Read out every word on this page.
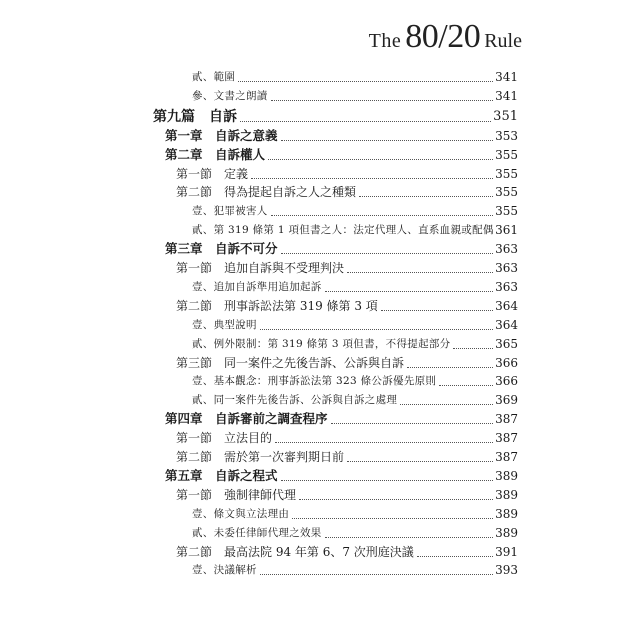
The 80/20 Rule
貳、範圍	341
參、文書之朗讀	341
第九篇　自訴	351
第一章　自訴之意義	353
第二章　自訴權人	355
第一節　定義	355
第二節　得為提起自訴之人之種類	355
壹、犯罪被害人	355
貳、第 319 條第 1 項但書之人：法定代理人、直系血親或配偶 361
第三章　自訴不可分	363
第一節　追加自訴與不受理判決	363
壹、追加自訴準用追加起訴	363
第二節　刑事訴訟法第 319 條第 3 項	364
壹、典型說明	364
貳、例外限制：第 319 條第 3 項但書，不得提起部分	365
第三節　同一案件之先後告訴、公訴與自訴	366
壹、基本觀念：刑事訴訟法第 323 條公訴優先原則	366
貳、同一案件先後告訴、公訴與自訴之處理	369
第四章　自訴審前之調查程序	387
第一節　立法目的	387
第二節　需於第一次審判期日前	387
第五章　自訴之程式	389
第一節　強制律師代理	389
壹、條文與立法理由	389
貳、未委任律師代理之效果	389
第二節　最高法院 94 年第 6、7 次刑庭決議	391
壹、決議解析	393
